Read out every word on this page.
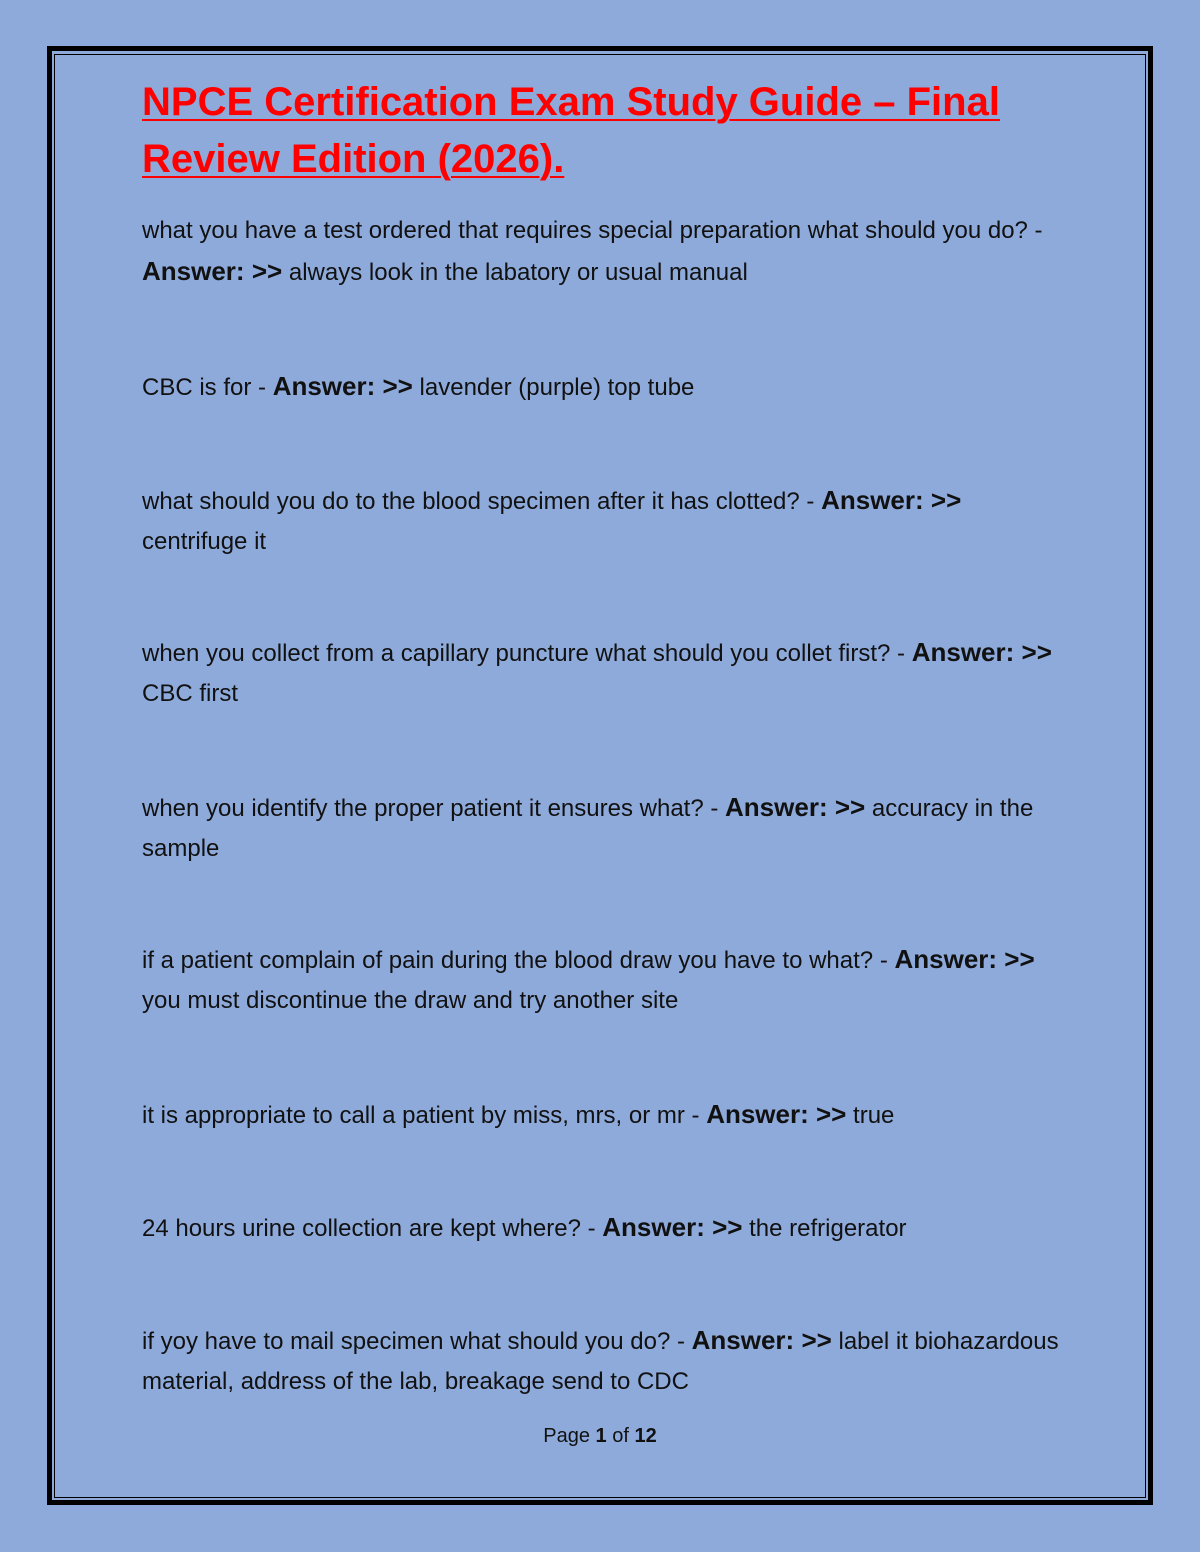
NPCE Certification Exam Study Guide – Final Review Edition (2026).

what you have a test ordered that requires special preparation what should you do? - Answer: >> always look in the labatory or usual manual

CBC is for - Answer: >> lavender (purple) top tube

what should you do to the blood specimen after it has clotted? - Answer: >> centrifuge it

when you collect from a capillary puncture what should you collet first? - Answer: >> CBC first

when you identify the proper patient it ensures what? - Answer: >> accuracy in the sample

if a patient complain of pain during the blood draw you have to what? - Answer: >> you must discontinue the draw and try another site

it is appropriate to call a patient by miss, mrs, or mr - Answer: >> true

24 hours urine collection are kept where? - Answer: >> the refrigerator

if yoy have to mail specimen what should you do? - Answer: >> label it biohazardous material, address of the lab, breakage send to CDC

Page 1 of 12
